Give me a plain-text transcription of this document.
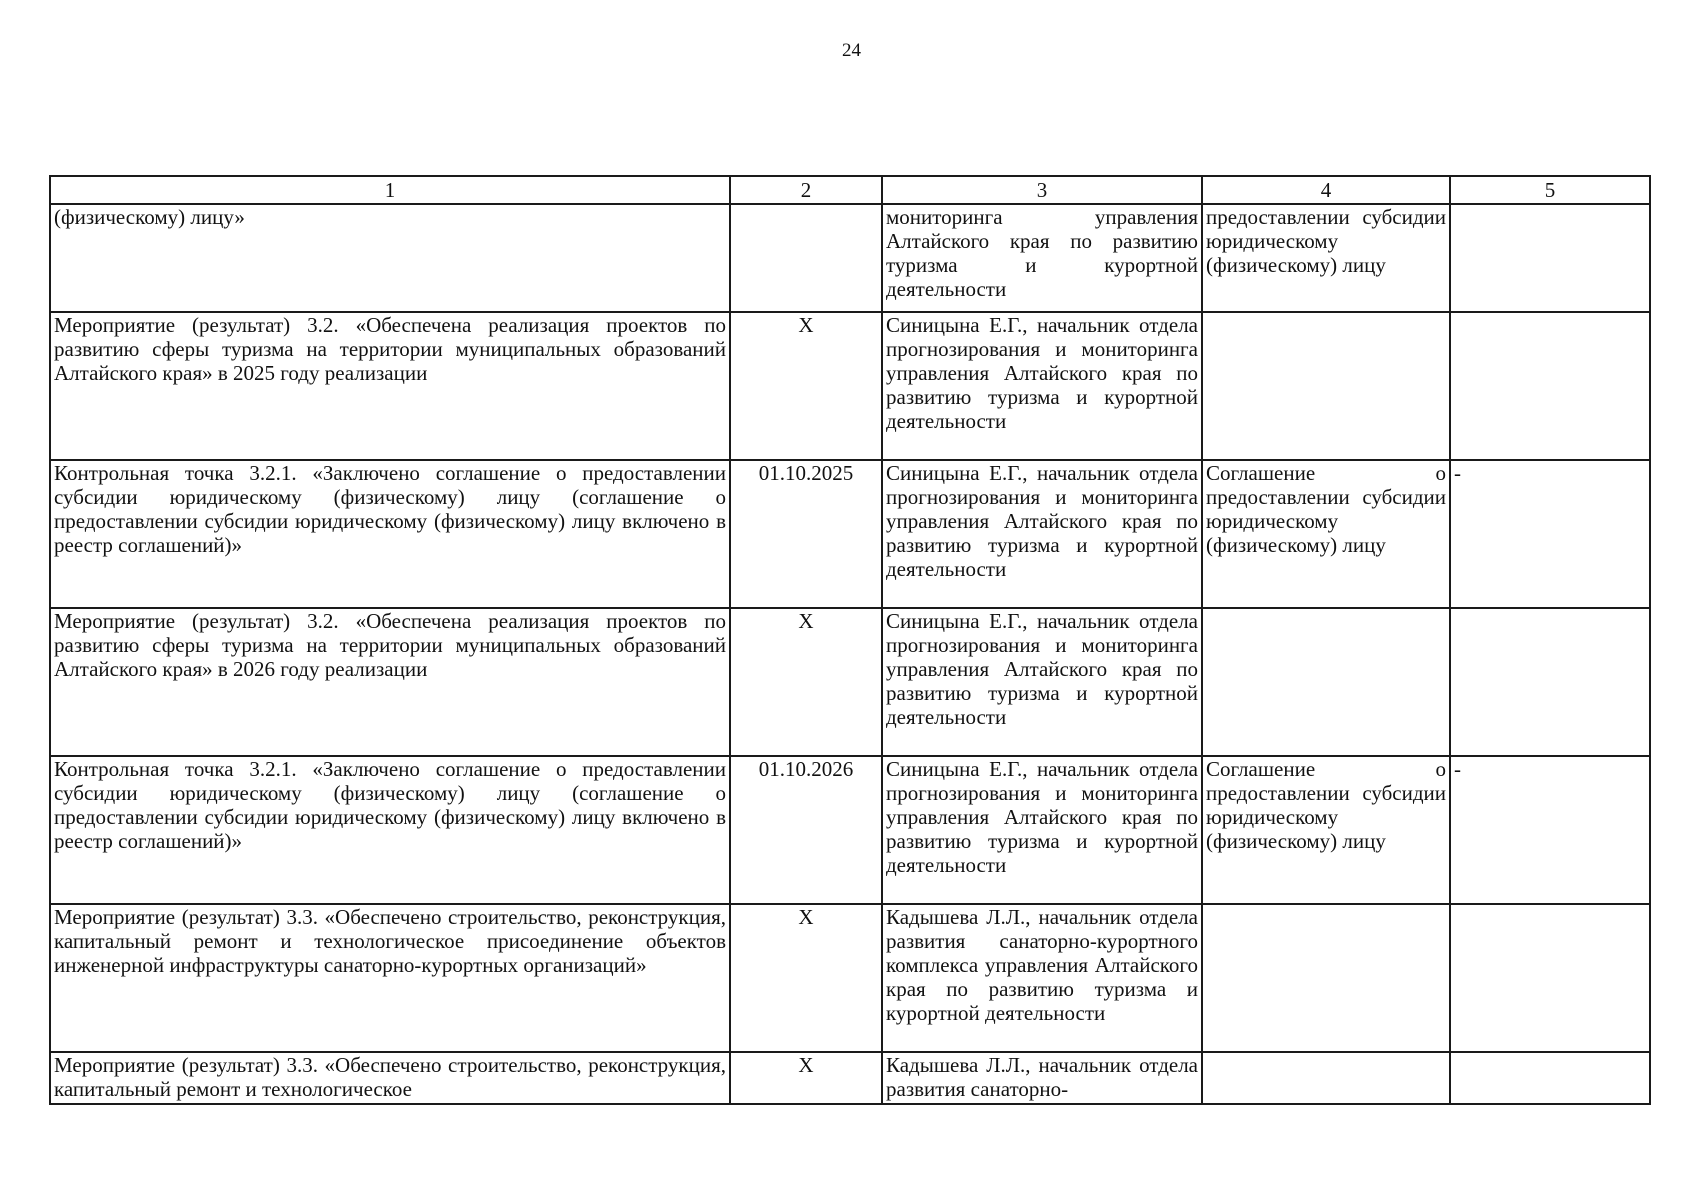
24
1	2	3	4	5
(физическому) лицу»		мониторинга управления Алтайского края по развитию туризма и курортной деятельности	предоставлении субсидии юридическому (физическому) лицу	
Мероприятие (результат) 3.2. «Обеспечена реализация проектов по развитию сферы туризма на территории муниципальных образований Алтайского края» в 2025 году реализации	Х	Синицына Е.Г., начальник отдела прогнозирования и мониторинга управления Алтайского края по развитию туризма и курортной деятельности		
Контрольная точка 3.2.1. «Заключено соглашение о предоставлении субсидии юридическому (физическому) лицу (соглашение о предоставлении субсидии юридическому (физическому) лицу включено в реестр соглашений)»	01.10.2025	Синицына Е.Г., начальник отдела прогнозирования и мониторинга управления Алтайского края по развитию туризма и курортной деятельности	Соглашение о предоставлении субсидии юридическому (физическому) лицу	-
Мероприятие (результат) 3.2. «Обеспечена реализация проектов по развитию сферы туризма на территории муниципальных образований Алтайского края» в 2026 году реализации	Х	Синицына Е.Г., начальник отдела прогнозирования и мониторинга управления Алтайского края по развитию туризма и курортной деятельности		
Контрольная точка 3.2.1. «Заключено соглашение о предоставлении субсидии юридическому (физическому) лицу (соглашение о предоставлении субсидии юридическому (физическому) лицу включено в реестр соглашений)»	01.10.2026	Синицына Е.Г., начальник отдела прогнозирования и мониторинга управления Алтайского края по развитию туризма и курортной деятельности	Соглашение о предоставлении субсидии юридическому (физическому) лицу	-
Мероприятие (результат) 3.3. «Обеспечено строительство, реконструкция, капитальный ремонт и технологическое присоединение объектов инженерной инфраструктуры санаторно-курортных организаций»	Х	Кадышева Л.Л., начальник отдела развития санаторно-курортного комплекса управления Алтайского края по развитию туризма и курортной деятельности		
Мероприятие (результат) 3.3. «Обеспечено строительство, реконструкция, капитальный ремонт и технологическое	Х	Кадышева Л.Л., начальник отдела развития санаторно-		
